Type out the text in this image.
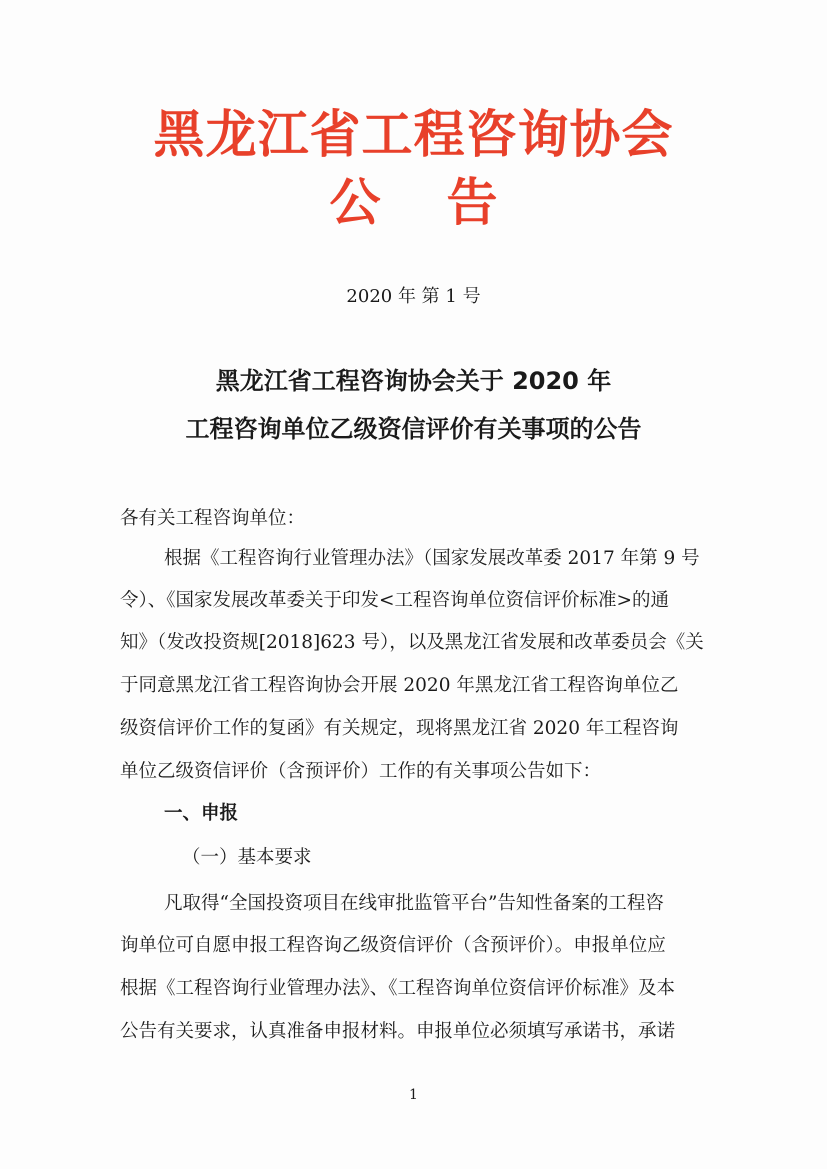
黑龙江省工程咨询协会
公 告
2020 年 第 1 号
黑龙江省工程咨询协会关于 2020 年
工程咨询单位乙级资信评价有关事项的公告
各有关工程咨询单位：
根据《工程咨询行业管理办法》（国家发展改革委 2017 年第 9 号
令）、《国家发展改革委关于印发<工程咨询单位资信评价标准>的通
知》（发改投资规[2018]623 号），以及黑龙江省发展和改革委员会《关
于同意黑龙江省工程咨询协会开展 2020 年黑龙江省工程咨询单位乙
级资信评价工作的复函》有关规定，现将黑龙江省 2020 年工程咨询
单位乙级资信评价（含预评价）工作的有关事项公告如下：
一、申报
（一）基本要求
凡取得“全国投资项目在线审批监管平台”告知性备案的工程咨
询单位可自愿申报工程咨询乙级资信评价（含预评价）。申报单位应
根据《工程咨询行业管理办法》、《工程咨询单位资信评价标准》及本
公告有关要求，认真准备申报材料。申报单位必须填写承诺书，承诺
1
